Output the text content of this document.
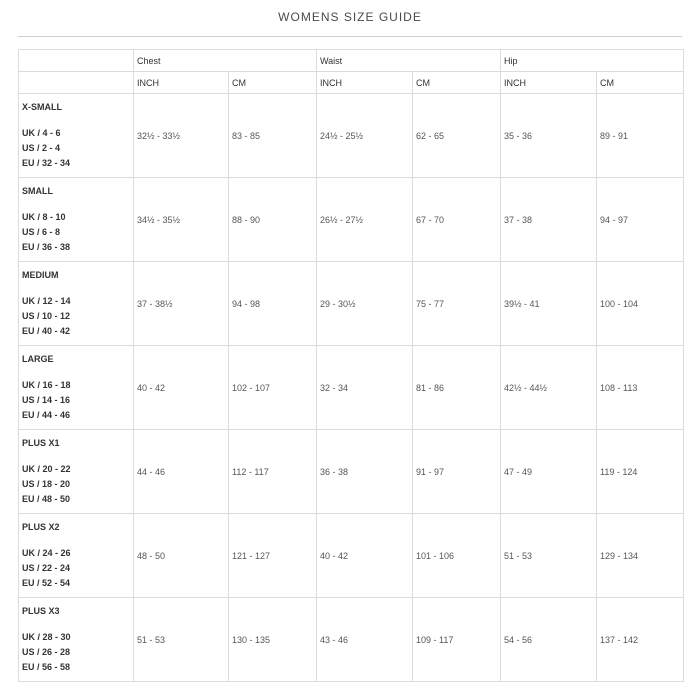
WOMENS SIZE GUIDE
	Chest		Waist		Hip	
	INCH	CM	INCH	CM	INCH	CM

X-SMALL
UK / 4 - 6
US / 2 - 4
EU / 32 - 34	32½ - 33½	83 - 85	24½ - 25½	62 - 65	35 - 36	89 - 91

SMALL
UK / 8 - 10
US / 6 - 8
EU / 36 - 38	34½ - 35½	88 - 90	26½ - 27½	67 - 70	37 - 38	94 - 97

MEDIUM
UK / 12 - 14
US / 10 - 12
EU / 40 - 42	37 - 38½	94 - 98	29 - 30½	75 - 77	39½ - 41	100 - 104

LARGE
UK / 16 - 18
US / 14 - 16
EU / 44 - 46	40 - 42	102 - 107	32 - 34	81 - 86	42½ - 44½	108 - 113

PLUS X1
UK / 20 - 22
US / 18 - 20
EU / 48 - 50	44 - 46	112 - 117	36 - 38	91 - 97	47 - 49	119 - 124

PLUS X2
UK / 24 - 26
US / 22 - 24
EU / 52 - 54	48 - 50	121 - 127	40 - 42	101 - 106	51 - 53	129 - 134

PLUS X3
UK / 28 - 30
US / 26 - 28
EU / 56 - 58	51 - 53	130 - 135	43 - 46	109 - 117	54 - 56	137 - 142
